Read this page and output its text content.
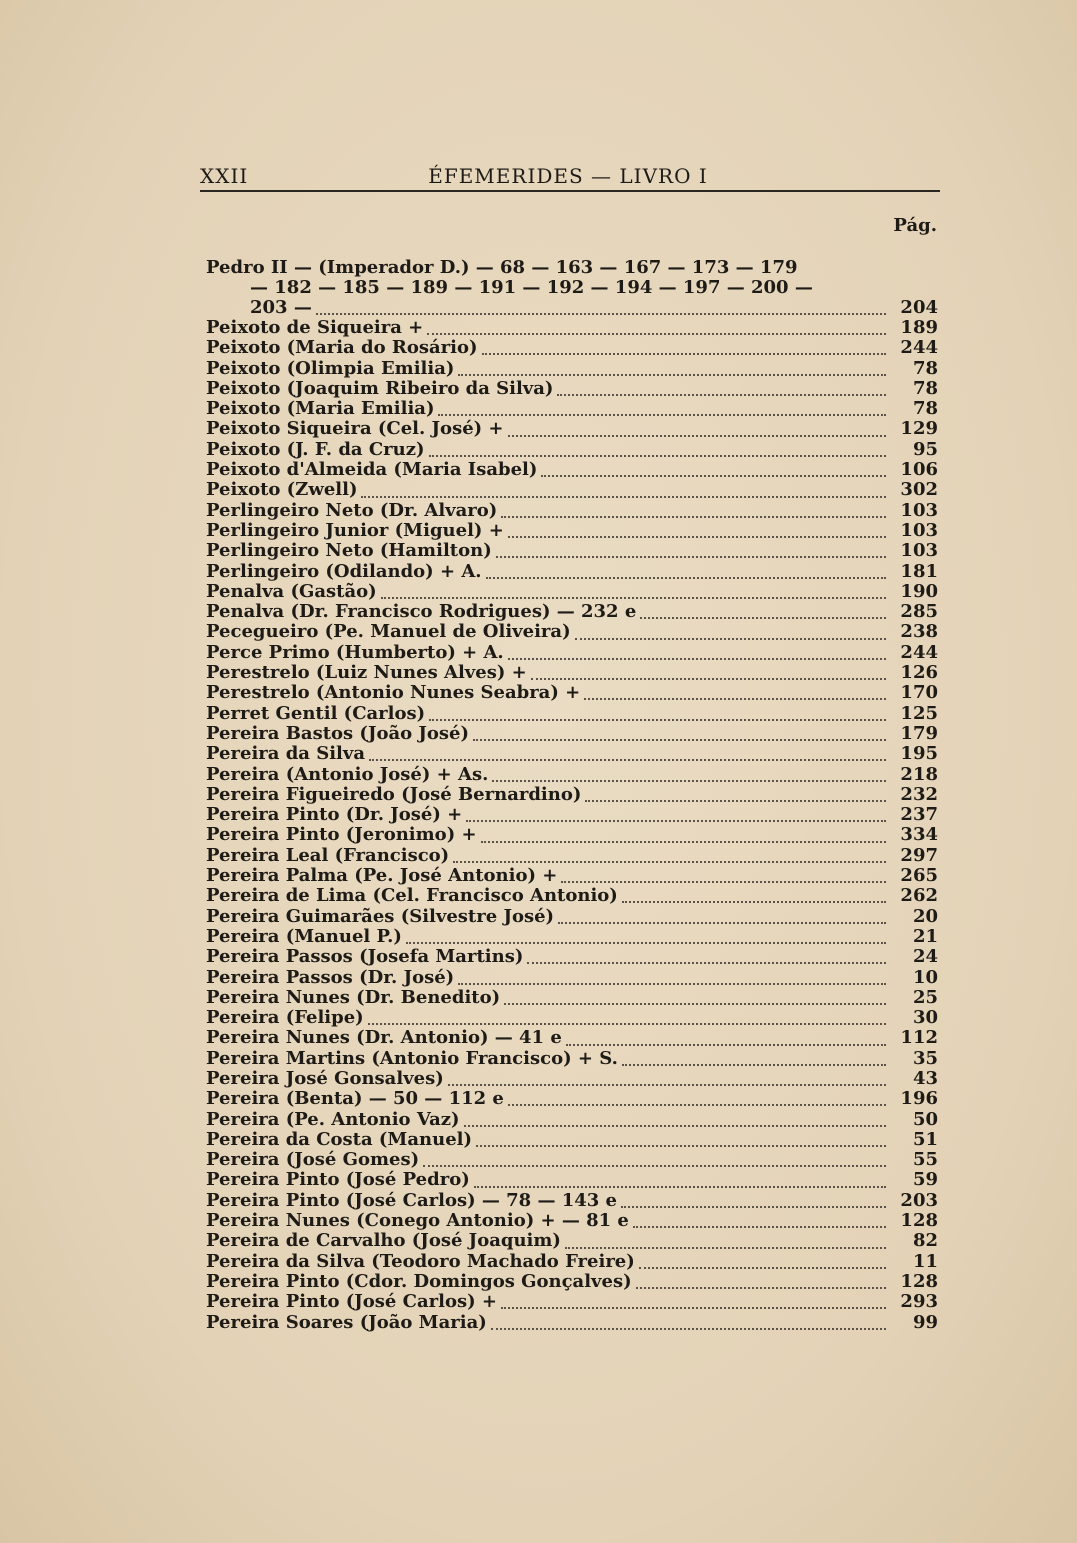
XXII	ÉFEMERIDES — LIVRO I
Pág.
Pedro II — (Imperador D.) — 68 — 163 — 167 — 173 — 179
— 182 — 185 — 189 — 191 — 192 — 194 — 197 — 200 —
203 —	204
Peixoto de Siqueira +	189
Peixoto (Maria do Rosário)	244
Peixoto (Olimpia Emilia)	78
Peixoto (Joaquim Ribeiro da Silva)	78
Peixoto (Maria Emilia)	78
Peixoto Siqueira (Cel. José) +	129
Peixoto (J. F. da Cruz)	95
Peixoto d'Almeida (Maria Isabel)	106
Peixoto (Zwell)	302
Perlingeiro Neto (Dr. Alvaro)	103
Perlingeiro Junior (Miguel) +	103
Perlingeiro Neto (Hamilton)	103
Perlingeiro (Odilando) + A.	181
Penalva (Gastão)	190
Penalva (Dr. Francisco Rodrigues) — 232 e	285
Pecegueiro (Pe. Manuel de Oliveira)	238
Perce Primo (Humberto) + A.	244
Perestrelo (Luiz Nunes Alves) +	126
Perestrelo (Antonio Nunes Seabra) +	170
Perret Gentil (Carlos)	125
Pereira Bastos (João José)	179
Pereira da Silva	195
Pereira (Antonio José) + As.	218
Pereira Figueiredo (José Bernardino)	232
Pereira Pinto (Dr. José) +	237
Pereira Pinto (Jeronimo) +	334
Pereira Leal (Francisco)	297
Pereira Palma (Pe. José Antonio) +	265
Pereira de Lima (Cel. Francisco Antonio)	262
Pereira Guimarães (Silvestre José)	20
Pereira (Manuel P.)	21
Pereira Passos (Josefa Martins)	24
Pereira Passos (Dr. José)	10
Pereira Nunes (Dr. Benedito)	25
Pereira (Felipe)	30
Pereira Nunes (Dr. Antonio) — 41 e	112
Pereira Martins (Antonio Francisco) + S.	35
Pereira José Gonsalves)	43
Pereira (Benta) — 50 — 112 e	196
Pereira (Pe. Antonio Vaz)	50
Pereira da Costa (Manuel)	51
Pereira (José Gomes)	55
Pereira Pinto (José Pedro)	59
Pereira Pinto (José Carlos) — 78 — 143 e	203
Pereira Nunes (Conego Antonio) + — 81 e	128
Pereira de Carvalho (José Joaquim)	82
Pereira da Silva (Teodoro Machado Freire)	11
Pereira Pinto (Cdor. Domingos Gonçalves)	128
Pereira Pinto (José Carlos) +	293
Pereira Soares (João Maria)	99
